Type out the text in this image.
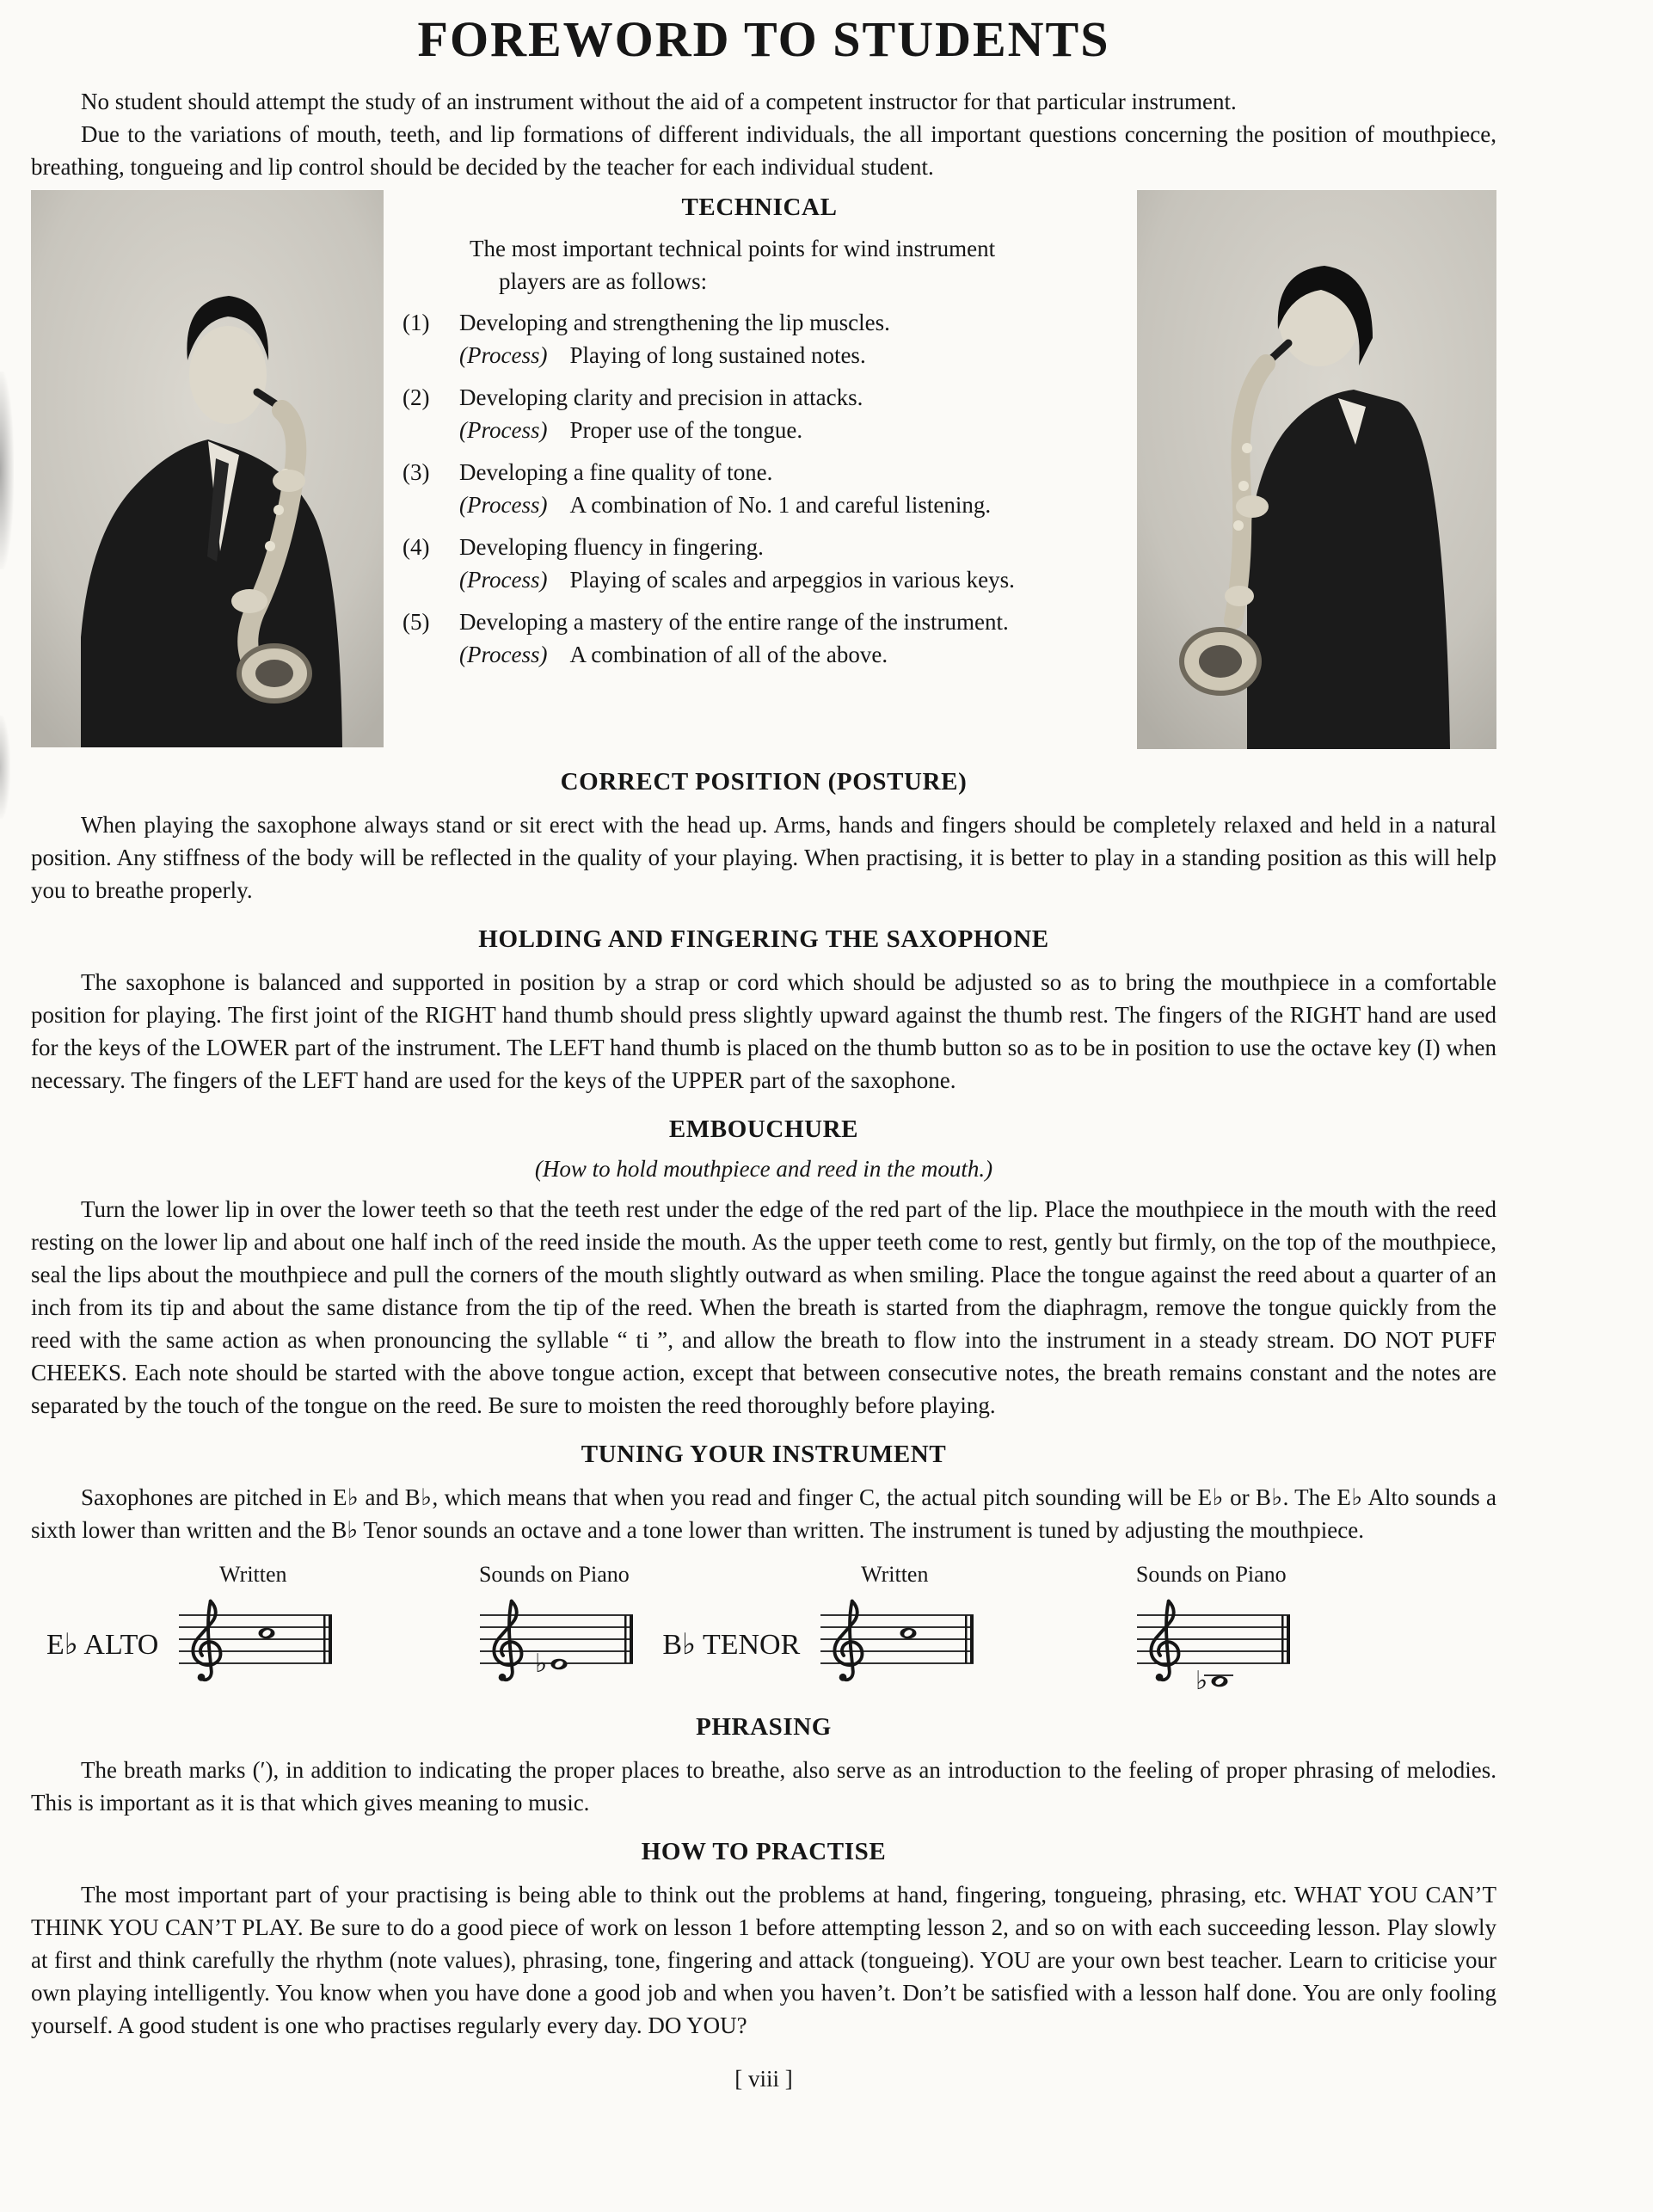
FOREWORD TO STUDENTS

No student should attempt the study of an instrument without the aid of a competent instructor for that particular instrument.

Due to the variations of mouth, teeth, and lip formations of different individuals, the all important questions concerning the position of mouthpiece, breathing, tongueing and lip control should be decided by the teacher for each individual student.

TECHNICAL

The most important technical points for wind instrument players are as follows:

(1)	Developing and strengthening the lip muscles.
(Process) Playing of long sustained notes.
(2)	Developing clarity and precision in attacks.
(Process) Proper use of the tongue.
(3)	Developing a fine quality of tone.
(Process) A combination of No. 1 and careful listening.
(4)	Developing fluency in fingering.
(Process) Playing of scales and arpeggios in various keys.
(5)	Developing a mastery of the entire range of the instrument.
(Process) A combination of all of the above.
CORRECT POSITION (POSTURE)

When playing the saxophone always stand or sit erect with the head up. Arms, hands and fingers should be completely relaxed and held in a natural position. Any stiffness of the body will be reflected in the quality of your playing. When practising, it is better to play in a standing position as this will help you to breathe properly.

HOLDING AND FINGERING THE SAXOPHONE

The saxophone is balanced and supported in position by a strap or cord which should be adjusted so as to bring the mouthpiece in a comfortable position for playing. The first joint of the RIGHT hand thumb should press slightly upward against the thumb rest. The fingers of the RIGHT hand are used for the keys of the LOWER part of the instrument. The LEFT hand thumb is placed on the thumb button so as to be in position to use the octave key (I) when necessary. The fingers of the LEFT hand are used for the keys of the UPPER part of the saxophone.

EMBOUCHURE
(How to hold mouthpiece and reed in the mouth.)

Turn the lower lip in over the lower teeth so that the teeth rest under the edge of the red part of the lip. Place the mouthpiece in the mouth with the reed resting on the lower lip and about one half inch of the reed inside the mouth. As the upper teeth come to rest, gently but firmly, on the top of the mouthpiece, seal the lips about the mouthpiece and pull the corners of the mouth slightly outward as when smiling. Place the tongue against the reed about a quarter of an inch from its tip and about the same distance from the tip of the reed. When the breath is started from the diaphragm, remove the tongue quickly from the reed with the same action as when pronouncing the syllable “ ti ”, and allow the breath to flow into the instrument in a steady stream. DO NOT PUFF CHEEKS. Each note should be started with the above tongue action, except that between consecutive notes, the breath remains constant and the notes are separated by the touch of the tongue on the reed. Be sure to moisten the reed thoroughly before playing.

TUNING YOUR INSTRUMENT

Saxophones are pitched in E♭ and B♭, which means that when you read and finger C, the actual pitch sounding will be E♭ or B♭. The E♭ Alto sounds a sixth lower than written and the B♭ Tenor sounds an octave and a tone lower than written. The instrument is tuned by adjusting the mouthpiece.

E♭ ALTO
Written	Sounds on Piano
♭
B♭ TENOR
Written	Sounds on Piano
♭
PHRASING

The breath marks (′), in addition to indicating the proper places to breathe, also serve as an introduction to the feeling of proper phrasing of melodies. This is important as it is that which gives meaning to music.

HOW TO PRACTISE

The most important part of your practising is being able to think out the problems at hand, fingering, tongueing, phrasing, etc. WHAT YOU CAN’T THINK YOU CAN’T PLAY. Be sure to do a good piece of work on lesson 1 before attempting lesson 2, and so on with each succeeding lesson. Play slowly at first and think carefully the rhythm (note values), phrasing, tone, fingering and attack (tongueing). YOU are your own best teacher. Learn to criticise your own playing intelligently. You know when you have done a good job and when you haven’t. Don’t be satisfied with a lesson half done. You are only fooling yourself. A good student is one who practises regularly every day. DO YOU?

[ viii ]
